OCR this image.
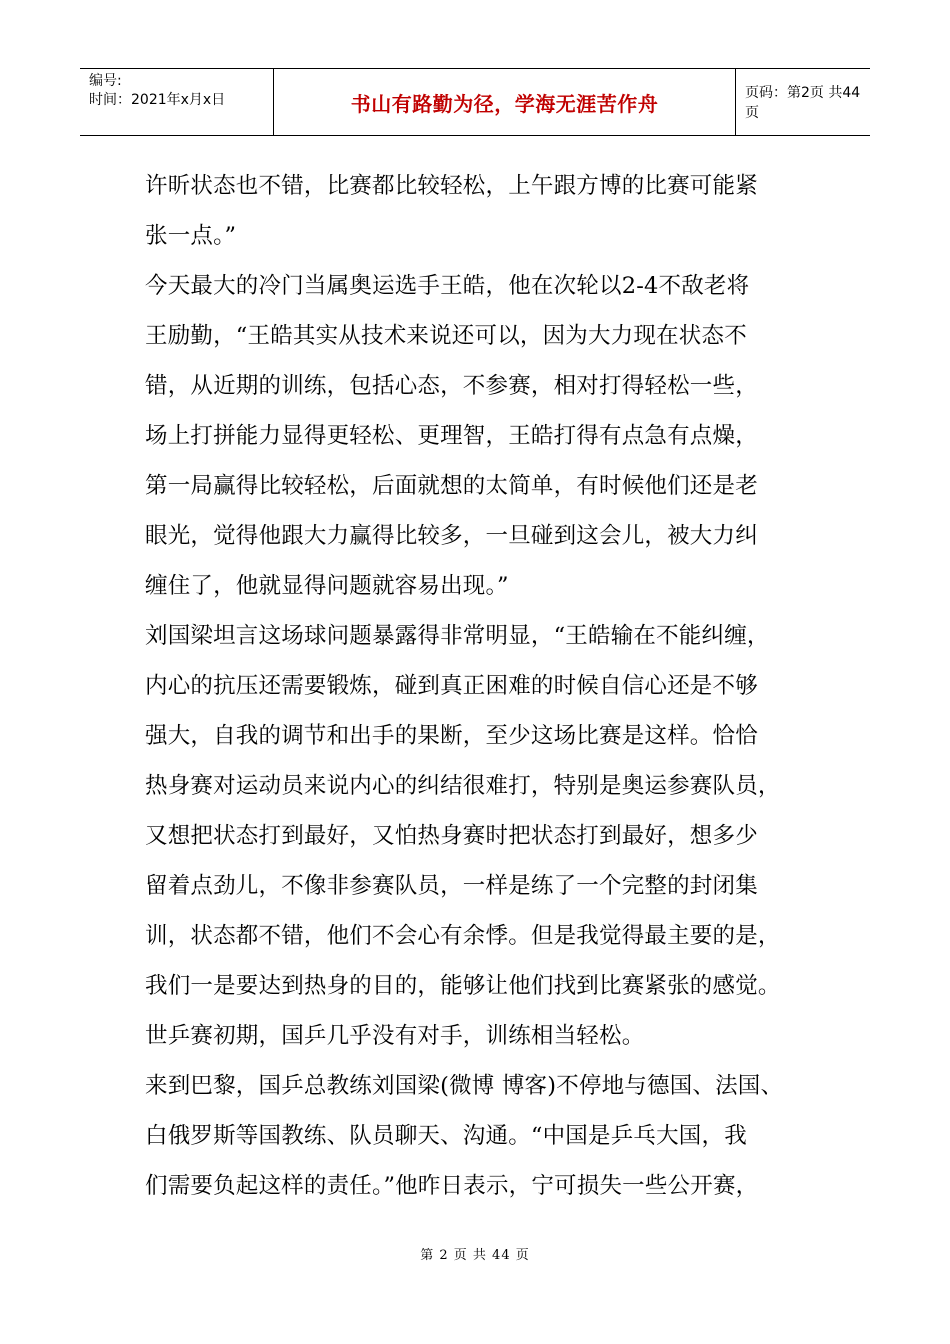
编号:
时间：2021年x月x日	书山有路勤为径，学海无涯苦作舟	页码：第2页 共44页
许昕状态也不错，比赛都比较轻松，上午跟方博的比赛可能紧
张一点。”
今天最大的冷门当属奥运选手王皓，他在次轮以2-4不敌老将
王励勤，“王皓其实从技术来说还可以，因为大力现在状态不
错，从近期的训练，包括心态，不参赛，相对打得轻松一些，
场上打拼能力显得更轻松、更理智，王皓打得有点急有点燥，
第一局赢得比较轻松，后面就想的太简单，有时候他们还是老
眼光，觉得他跟大力赢得比较多，一旦碰到这会儿，被大力纠
缠住了，他就显得问题就容易出现。”
刘国梁坦言这场球问题暴露得非常明显，“王皓输在不能纠缠，
内心的抗压还需要锻炼，碰到真正困难的时候自信心还是不够
强大，自我的调节和出手的果断，至少这场比赛是这样。恰恰
热身赛对运动员来说内心的纠结很难打，特别是奥运参赛队员，
又想把状态打到最好，又怕热身赛时把状态打到最好，想多少
留着点劲儿，不像非参赛队员，一样是练了一个完整的封闭集
训，状态都不错，他们不会心有余悸。但是我觉得最主要的是，
我们一是要达到热身的目的，能够让他们找到比赛紧张的感觉。
世乒赛初期，国乒几乎没有对手，训练相当轻松。
来到巴黎，国乒总教练刘国梁(微博 博客)不停地与德国、法国、
白俄罗斯等国教练、队员聊天、沟通。“中国是乒乓大国，我
们需要负起这样的责任。”他昨日表示，宁可损失一些公开赛，
第 2 页 共 44 页
